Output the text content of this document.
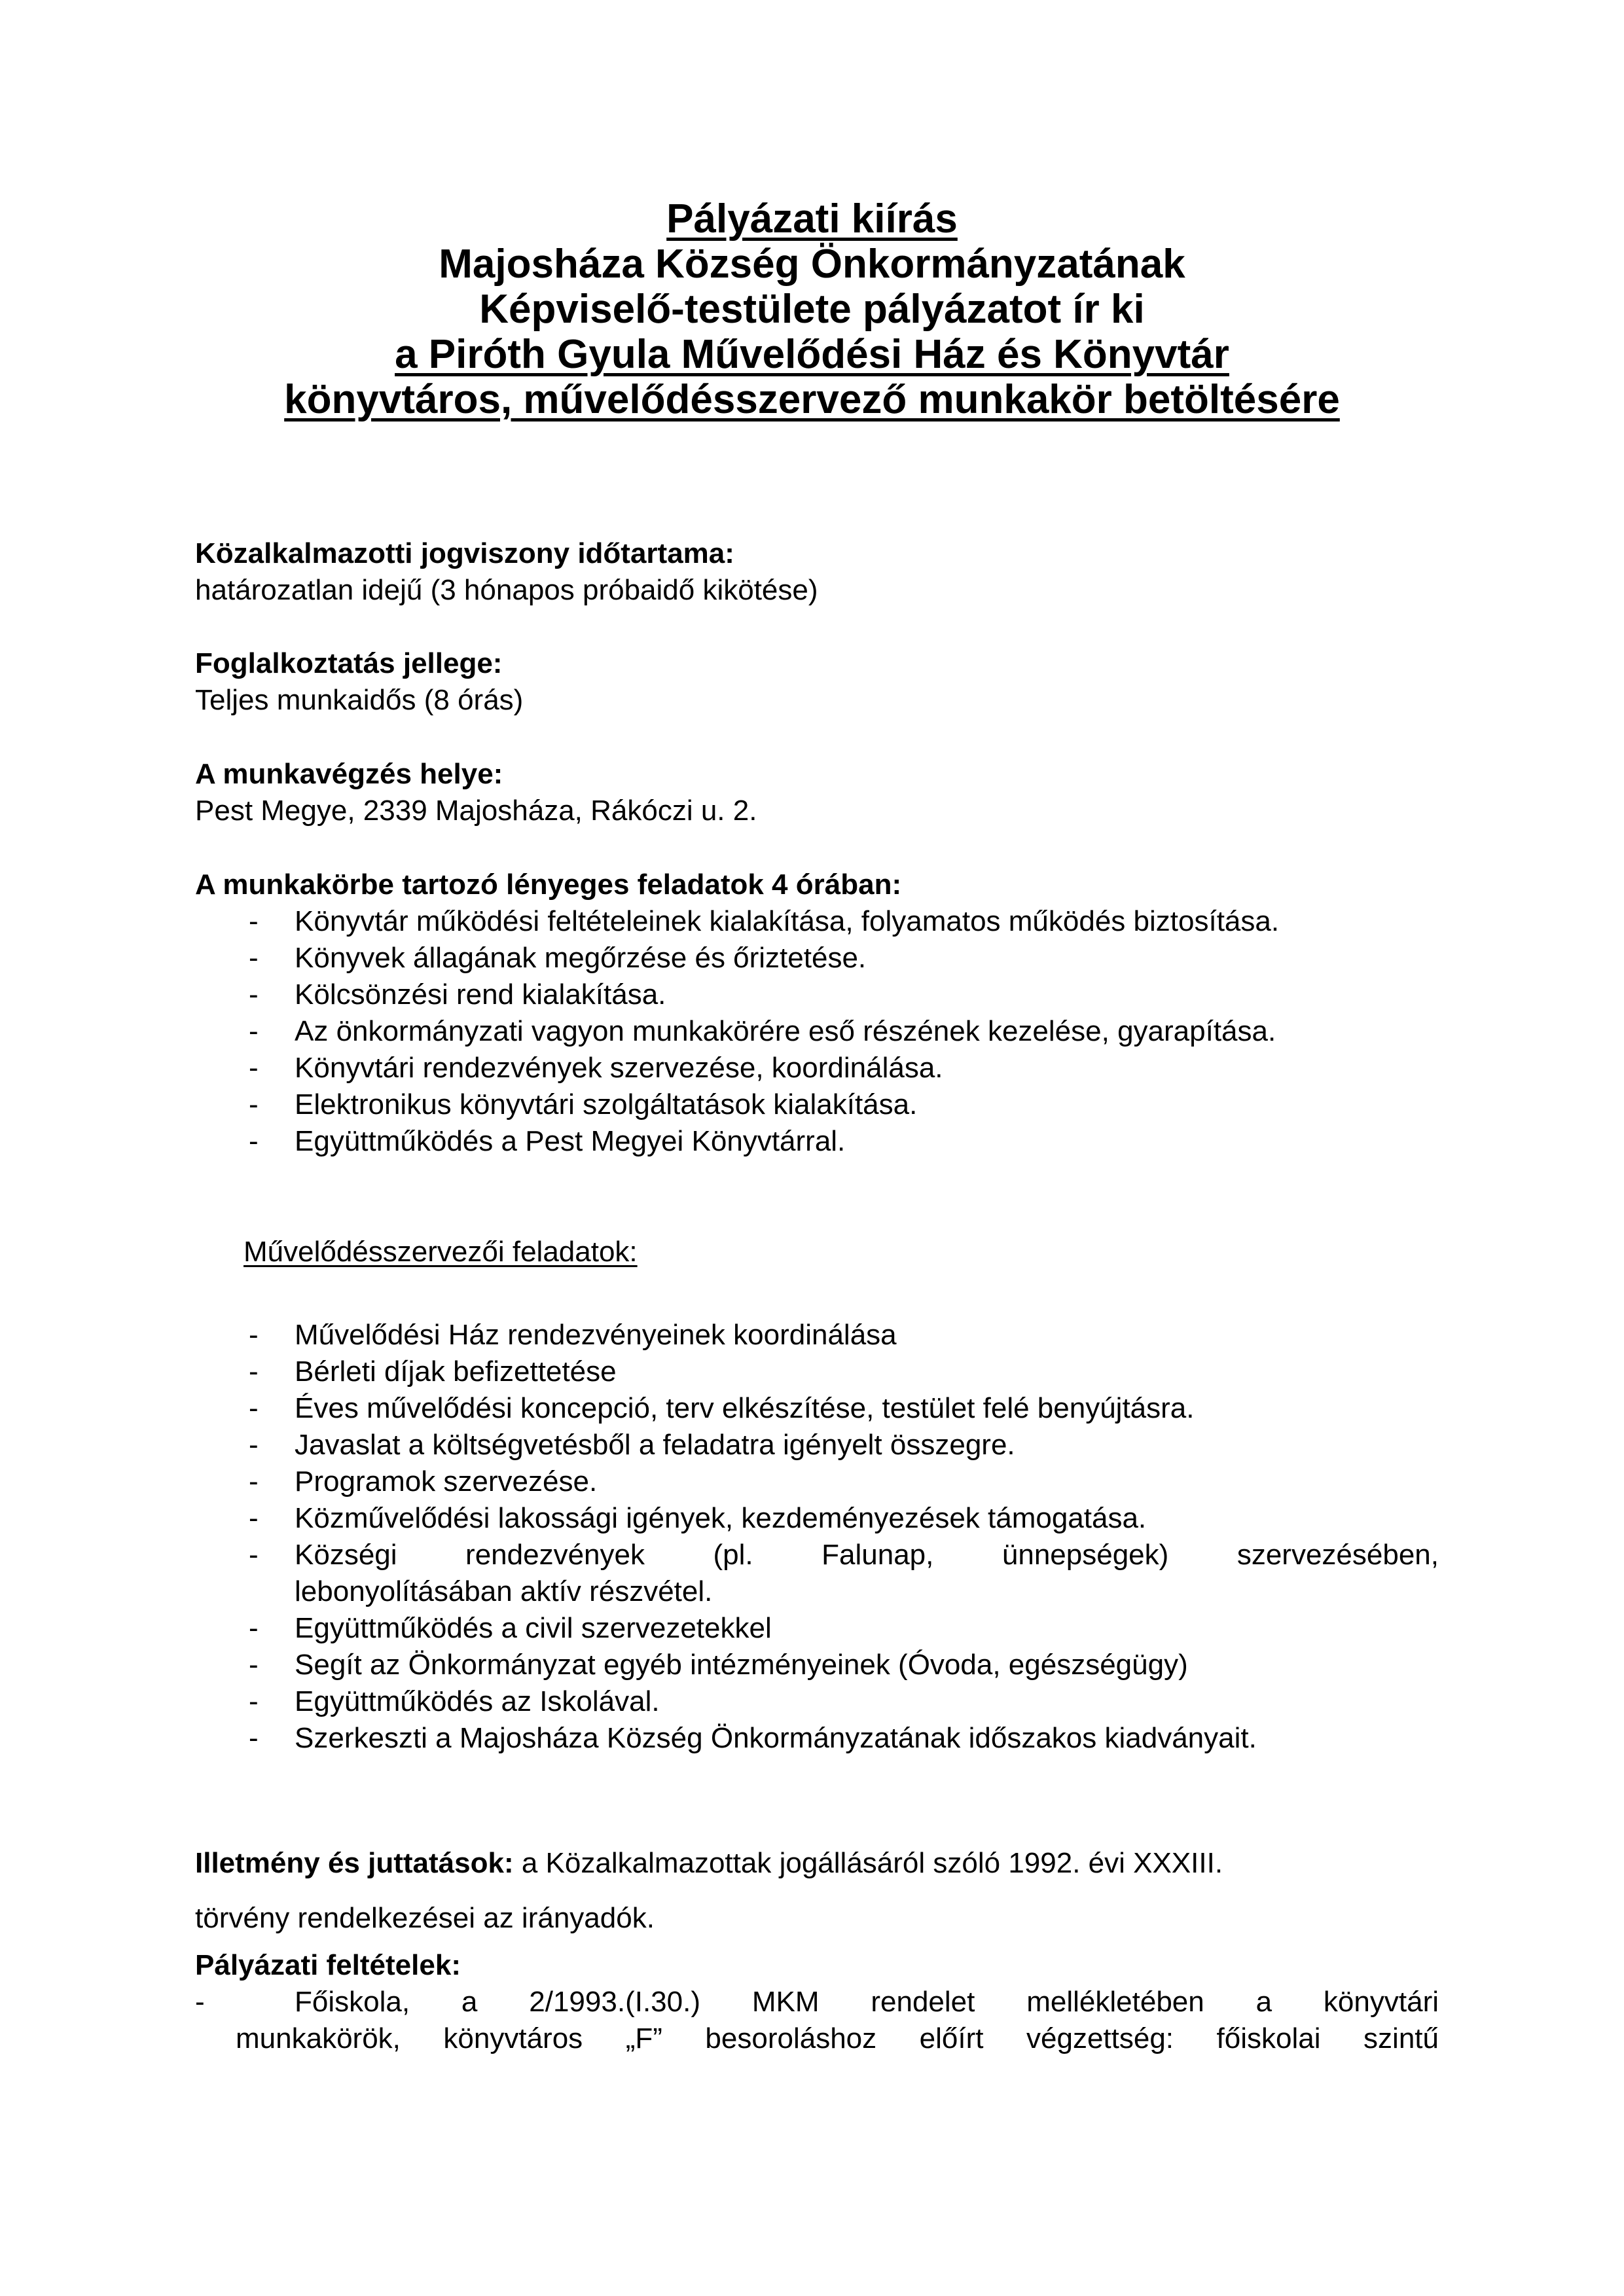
Pályázati kiírás
Majosháza Község Önkormányzatának
Képviselő-testülete pályázatot ír ki
a Piróth Gyula Művelődési Ház és Könyvtár
könyvtáros, művelődésszervező munkakör betöltésére
Közalkalmazotti jogviszony időtartama:
határozatlan idejű (3 hónapos próbaidő kikötése)
Foglalkoztatás jellege:
Teljes munkaidős (8 órás)
A munkavégzés helye:
Pest Megye, 2339 Majosháza, Rákóczi u. 2.
A munkakörbe tartozó lényeges feladatok 4 órában:
- Könyvtár működési feltételeinek kialakítása, folyamatos működés biztosítása.
- Könyvek állagának megőrzése és őriztetése.
- Kölcsönzési rend kialakítása.
- Az önkormányzati vagyon munkakörére eső részének kezelése, gyarapítása.
- Könyvtári rendezvények szervezése, koordinálása.
- Elektronikus könyvtári szolgáltatások kialakítása.
- Együttműködés a Pest Megyei Könyvtárral.
Művelődésszervezői feladatok:
- Művelődési Ház rendezvényeinek koordinálása
- Bérleti díjak befizettetése
- Éves művelődési koncepció, terv elkészítése, testület felé benyújtásra.
- Javaslat a költségvetésből a feladatra igényelt összegre.
- Programok szervezése.
- Közművelődési lakossági igények, kezdeményezések támogatása.
- Községi rendezvények (pl. Falunap, ünnepségek) szervezésében,
lebonyolításában aktív részvétel.
- Együttműködés a civil szervezetekkel
- Segít az Önkormányzat egyéb intézményeinek (Óvoda, egészségügy)
- Együttműködés az Iskolával.
- Szerkeszti a Majosháza Község Önkormányzatának időszakos kiadványait.
Illetmény és juttatások: a Közalkalmazottak jogállásáról szóló 1992. évi XXXIII.
törvény rendelkezései az irányadók.
Pályázati feltételek:
-	Főiskola, a 2/1993.(I.30.) MKM rendelet mellékletében a könyvtári
munkakörök, könyvtáros „F” besoroláshoz előírt végzettség: főiskolai szintű
